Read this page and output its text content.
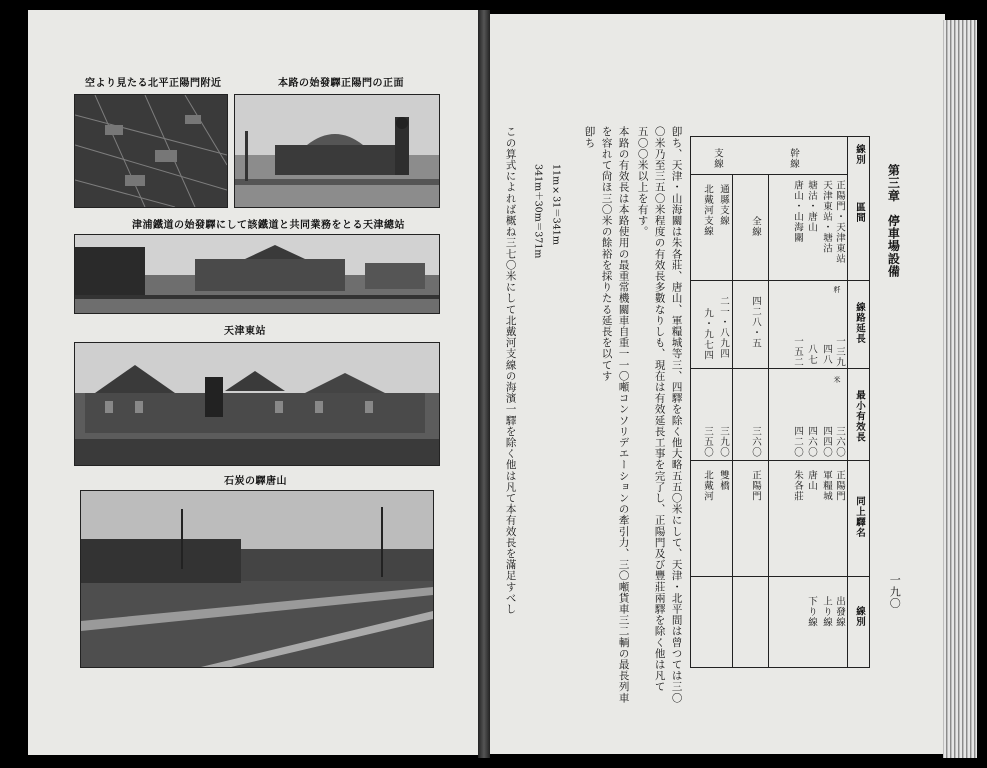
空より見たる北平正陽門附近	本路の始發驛正陽門の正面
津浦鐵道の始發驛にして該鐵道と共同業務をとる天津總站
天津東站
石炭の驛唐山
第三章　停車場設備
一九〇
線別
區間
線路延長
最小有效長
同上驛名
線別
幹線
支線
正陽門・天津東站
天津東站・塘沽
塘沽・唐山
唐山・山海關
一三九
粁
四八
八七
一五二
三六〇
米
四四〇
四六〇
四二〇
正陽門
軍糧城
唐山
朱各莊
出發線
上り線
下り線
全線
四二八・五
三六〇
正陽門
通縣支線
北戴河支線
二一・八九四
九・九七四
三九〇
三五〇
雙橋
北戴河
卽ち、天津・山海關は朱各莊、唐山、軍糧城等三、四驛を除く他大略五五〇米にして、天津・北平間は曾つては三〇
〇米乃至三五〇米程度の有效長多數なりしも、現在は有效延長工事を完了し、正陽門及び豐莊兩驛を除く他は凡て
五〇〇米以上を有す。
本路の有效長は本路使用の最重常機關車自重一一〇噸コンソリデエーションの牽引力、三〇噸貨車三二輌の最長列車
を容れて尙ほ三〇米の餘裕を採りたる延長を以てす
卽ち
11m×31＝341m
341m＋30m＝371m
この算式によれば概ね三七〇米にして北戴河支線の海濱一驛を除く他は凡て本有效長を滿足すべし
